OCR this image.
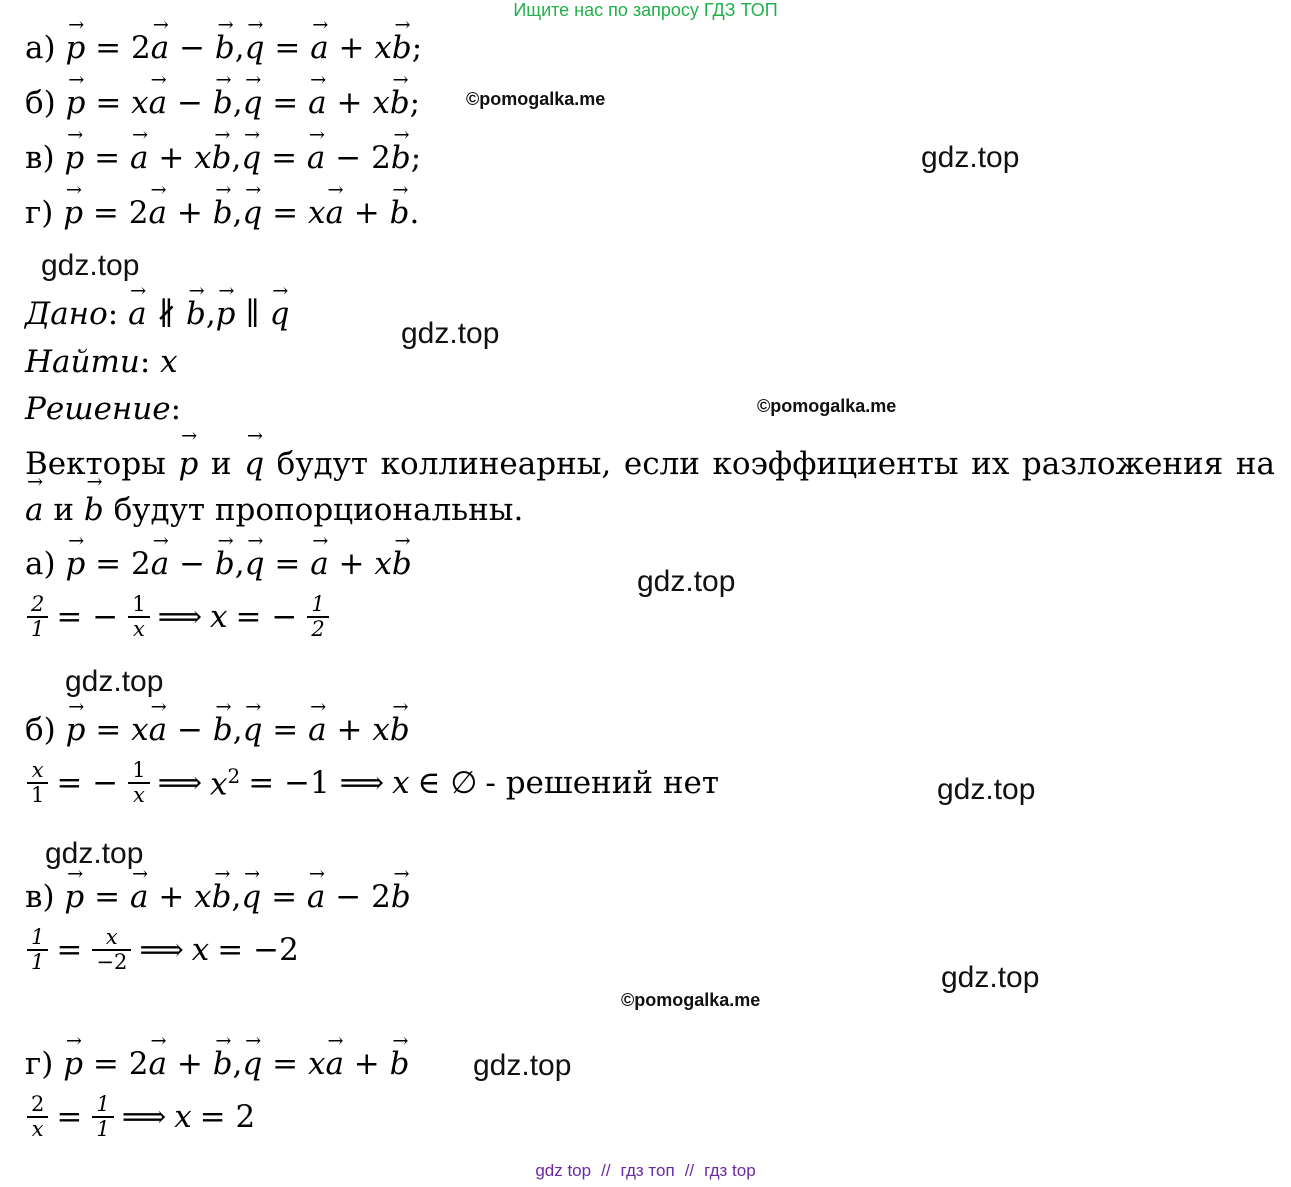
Ищите нас по запросу ГДЗ ТОП
а) p → = 2a → − b →,q → = a → + xb →;
б) p → = xa → − b →,q → = a → + xb →;
в) p → = a → + xb →,q → = a → − 2b →;
г) p → = 2a → + b →,q → = xa → + b →.
Дано: a → ∦ b →,p → ∥ q →
Найти: x
Решение:
Векторы p → и q → будут коллинеарны, если коэффициенты их разложения на a → и b → будут пропорциональны.
а) p → = 2a → − b →,q → = a → + xb →
$\frac{2}{1}$ = − $\frac{1}{x}$ ⟹ x = − $\frac{1}{2}$
б) p → = xa → − b →,q → = a → + xb →
$\frac{x}{1}$ = − $\frac{1}{x}$ ⟹ $x^2 = -1$ ⟹ x ∈ ∅ - решений нет
в) p → = a → + xb →,q → = a → − 2b →
$\frac{1}{1} = \frac{x}{-2}$ ⟹ x = −2
г) p → = 2a → + b →,q → = xa → + b →
$\frac{2}{x} = \frac{1}{1}$ ⟹ x = 2
©pomogalka.me
gdz.top
gdz.top
gdz.top
©pomogalka.me
gdz.top
gdz.top
gdz.top
gdz.top
gdz.top
©pomogalka.me
gdz.top
gdz top // гдз топ // гдз top
